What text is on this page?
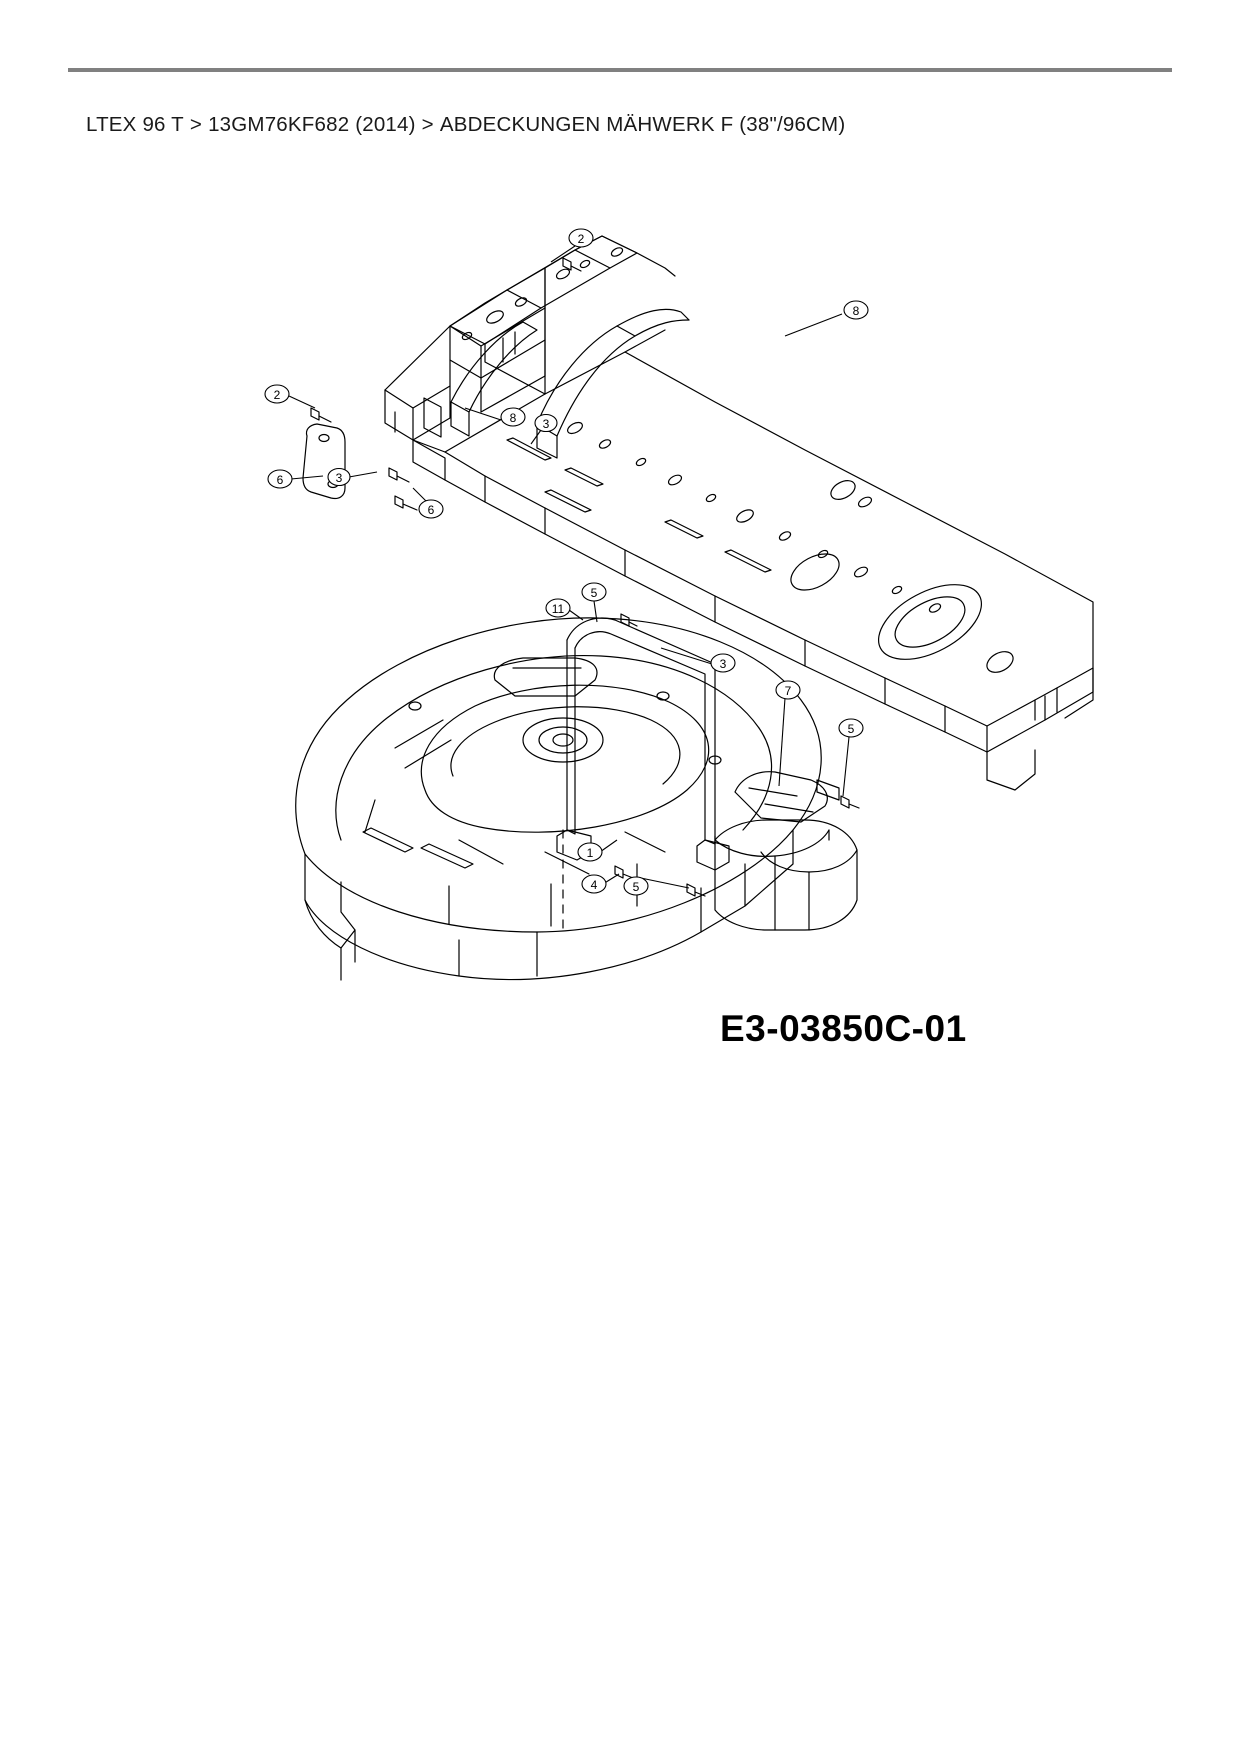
LTEX 96 T > 13GM76KF682 (2014) > ABDECKUNGEN MÄHWERK F (38"/96CM)
2
8
2
8 3
6	3
6
5
11
3
7
5
1
4	5
E3-03850C-01
